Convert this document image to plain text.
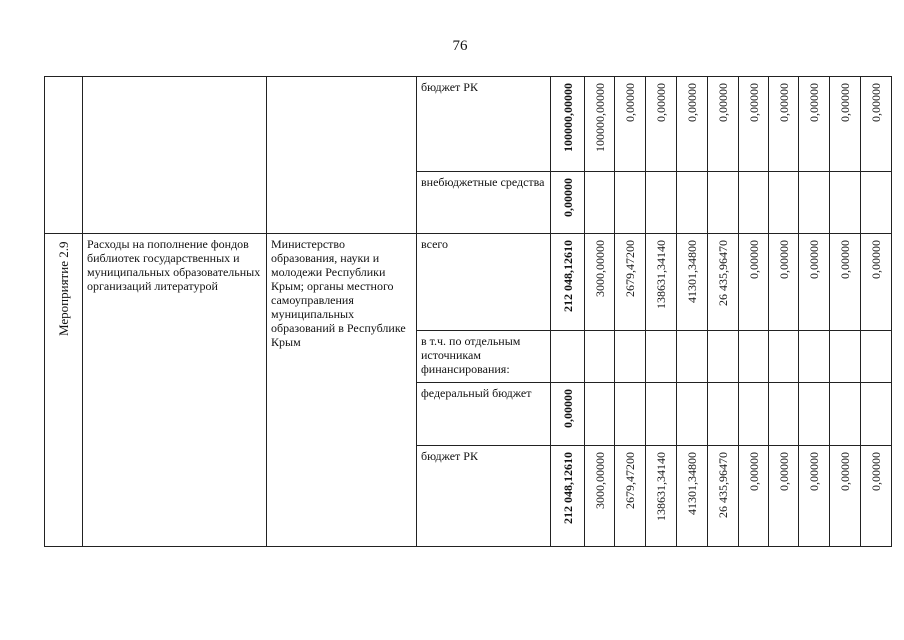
76

			бюджет РК	100000,00000	100000,00000	0,00000	0,00000	0,00000	0,00000	0,00000	0,00000	0,00000	0,00000	0,00000

			внебюджетные средства	0,00000										
Мероприятие 2.9	Расходы на пополнение фондов библиотек государственных и муниципальных образовательных организаций литературой	Министерство образования, науки и молодежи Республики Крым; органы местного самоуправления муниципальных образований в Республике Крым	всего	212 048,12610	3000,00000	2679,47200	138631,34140	41301,34800	26 435,96470	0,00000	0,00000	0,00000	0,00000	0,00000

			в т.ч. по отдельным источникам финансирования:											

			федеральный бюджет	0,00000										

			бюджет РК	212 048,12610	3000,00000	2679,47200	138631,34140	41301,34800	26 435,96470	0,00000	0,00000	0,00000	0,00000	0,00000
